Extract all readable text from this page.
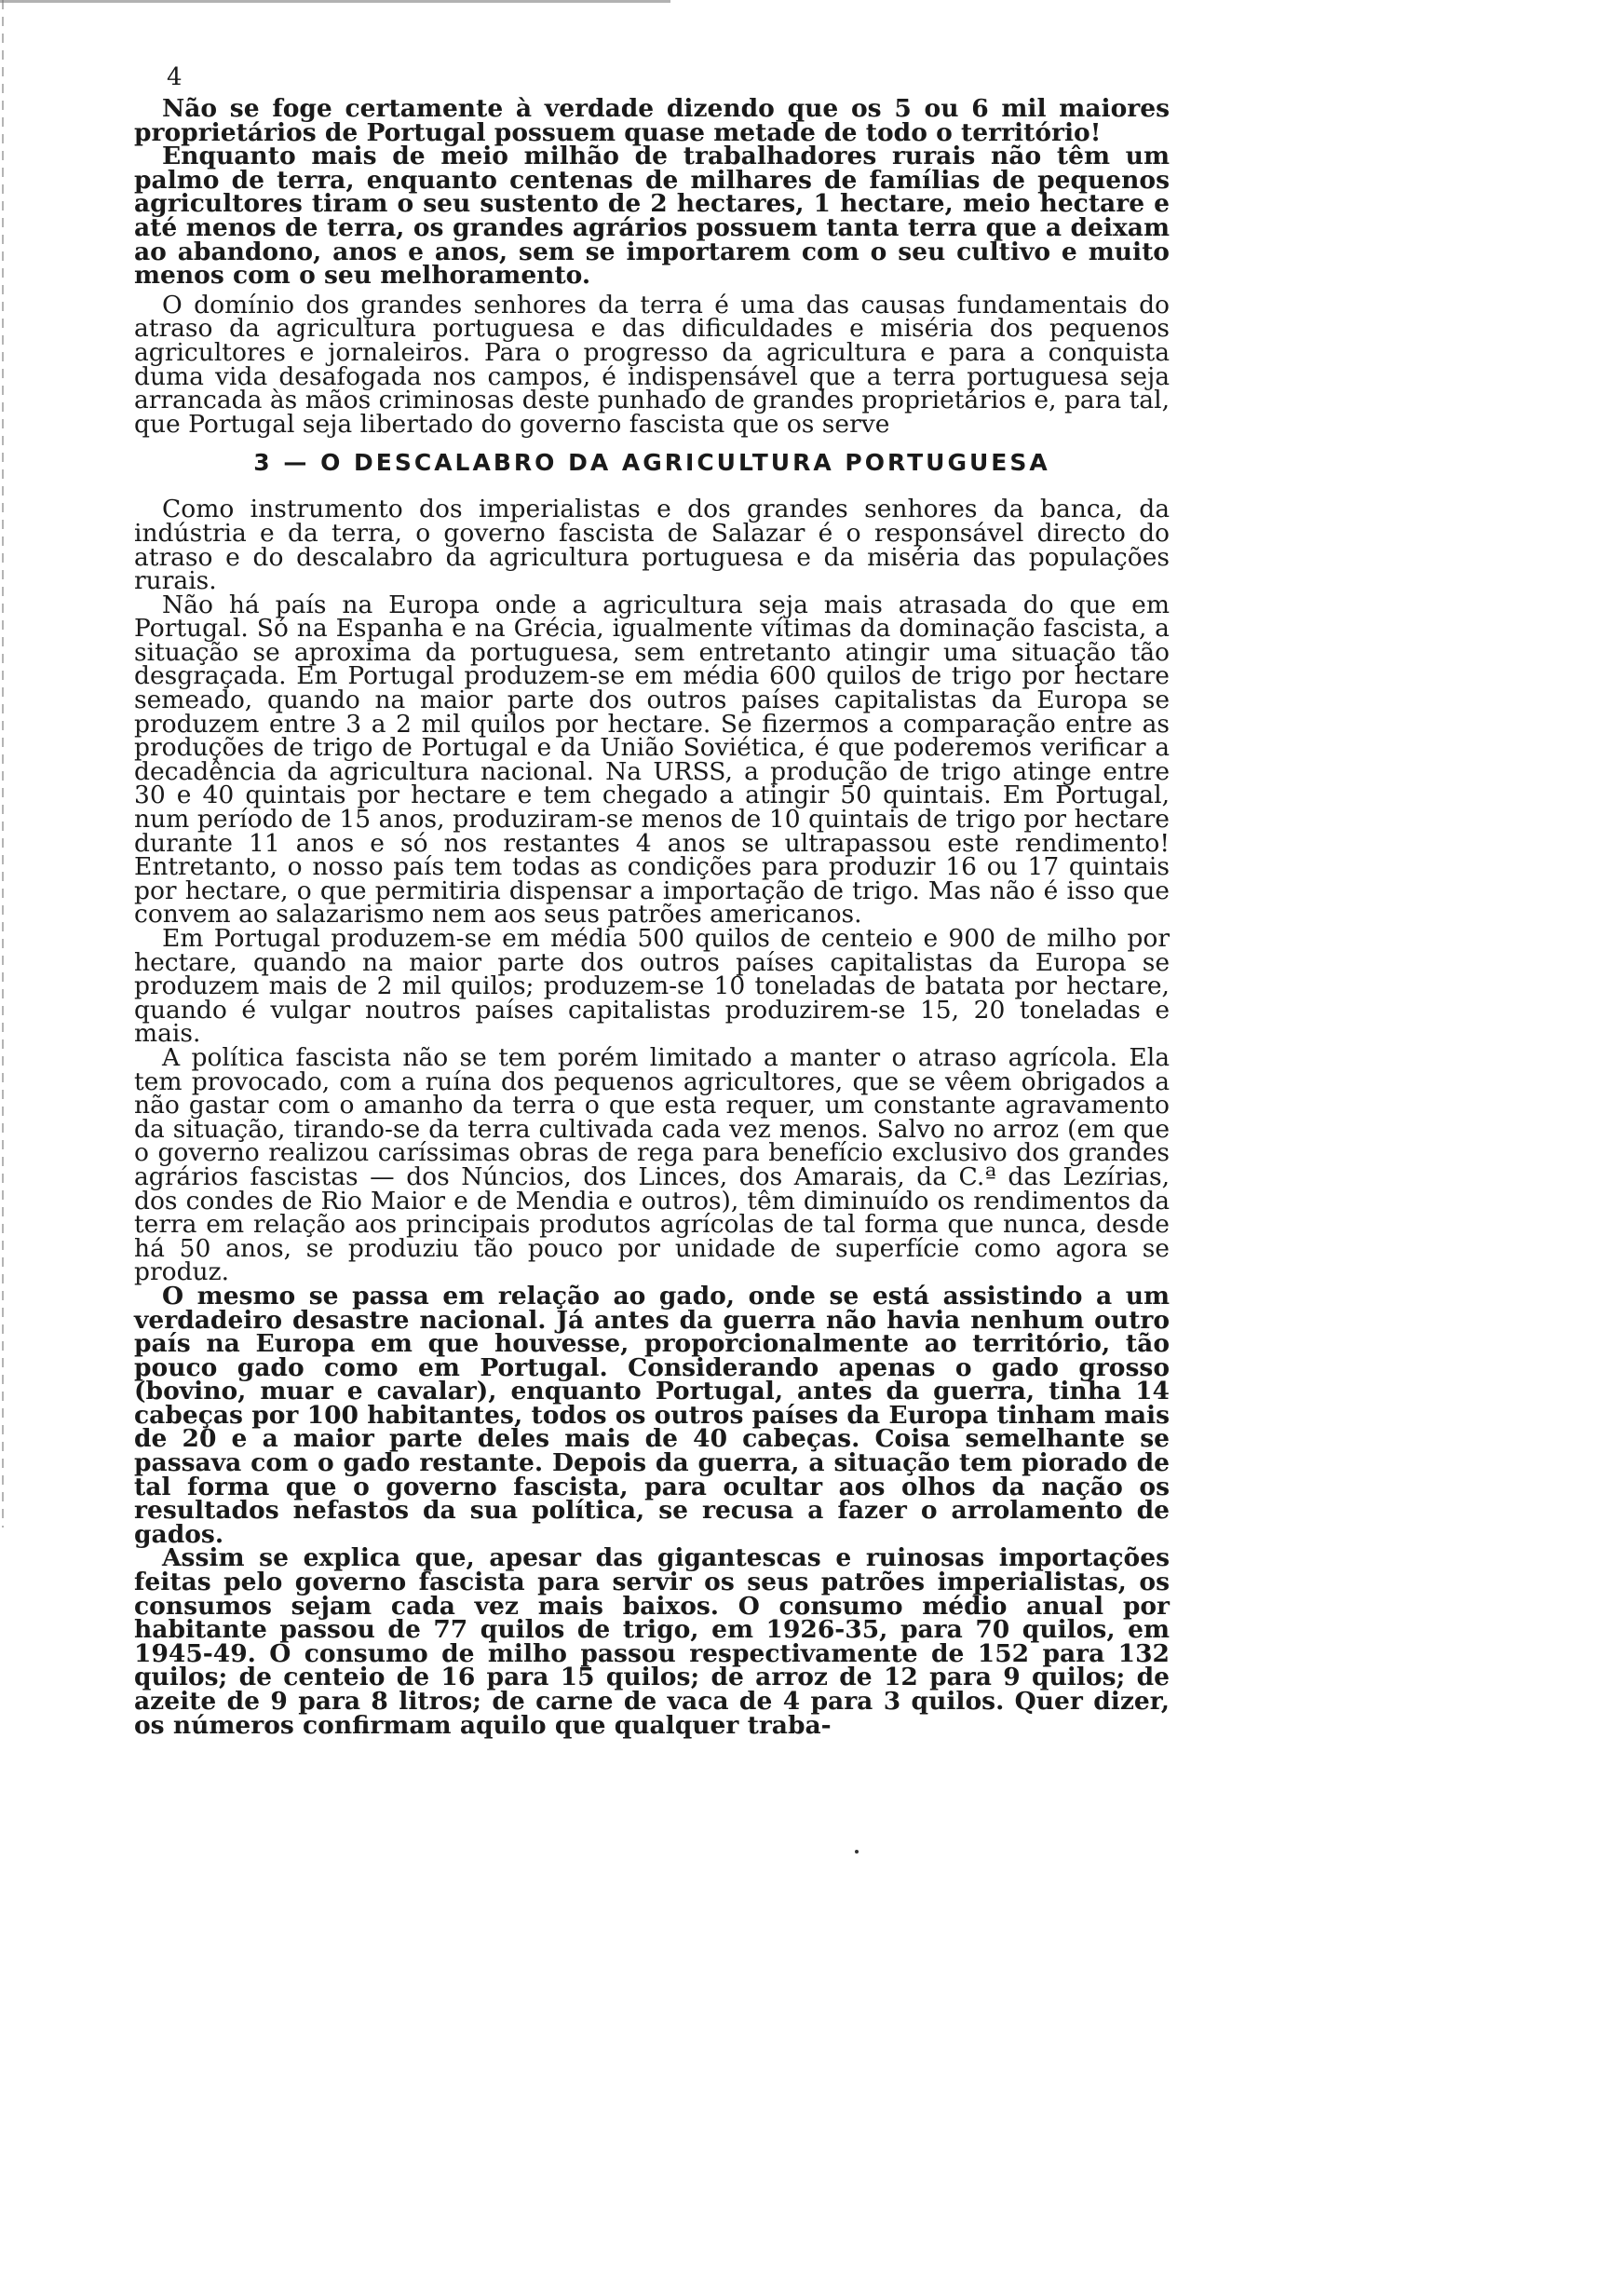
4

Não se foge certamente à verdade dizendo que os 5 ou 6 mil maiores proprietários de Portugal possuem quase metade de todo o território!

Enquanto mais de meio milhão de trabalhadores rurais não têm um palmo de terra, enquanto centenas de milhares de famílias de pequenos agricultores tiram o seu sustento de 2 hectares, 1 hectare, meio hectare e até menos de terra, os grandes agrários possuem tanta terra que a deixam ao abandono, anos e anos, sem se importarem com o seu cultivo e muito menos com o seu melhoramento.

O domínio dos grandes senhores da terra é uma das causas fundamentais do atraso da agricultura portuguesa e das dificuldades e miséria dos pequenos agricultores e jornaleiros. Para o progresso da agricultura e para a conquista duma vida desafogada nos campos, é indispensável que a terra portuguesa seja arrancada às mãos criminosas deste punhado de grandes proprietários e, para tal, que Portugal seja libertado do governo fascista que os serve

3 — O DESCALABRO DA AGRICULTURA PORTUGUESA

Como instrumento dos imperialistas e dos grandes senhores da banca, da indústria e da terra, o governo fascista de Salazar é o responsável directo do atraso e do descalabro da agricultura portuguesa e da miséria das populações rurais.

Não há país na Europa onde a agricultura seja mais atrasada do que em Portugal. Só na Espanha e na Grécia, igualmente vítimas da dominação fascista, a situação se aproxima da portuguesa, sem entretanto atingir uma situação tão desgraçada. Em Portugal produzem-se em média 600 quilos de trigo por hectare semeado, quando na maior parte dos outros países capitalistas da Europa se produzem entre 3 a 2 mil quilos por hectare. Se fizermos a comparação entre as produções de trigo de Portugal e da União Soviética, é que poderemos verificar a decadência da agricultura nacional. Na URSS, a produção de trigo atinge entre 30 e 40 quintais por hectare e tem chegado a atingir 50 quintais. Em Portugal, num período de 15 anos, produziram-se menos de 10 quintais de trigo por hectare durante 11 anos e só nos restantes 4 anos se ultrapassou este rendimento! Entretanto, o nosso país tem todas as condições para produzir 16 ou 17 quintais por hectare, o que permitiria dispensar a importação de trigo. Mas não é isso que convem ao salazarismo nem aos seus patrões americanos.

Em Portugal produzem-se em média 500 quilos de centeio e 900 de milho por hectare, quando na maior parte dos outros países capitalistas da Europa se produzem mais de 2 mil quilos; produzem-se 10 toneladas de batata por hectare, quando é vulgar noutros países capitalistas produzirem-se 15, 20 toneladas e mais.

A política fascista não se tem porém limitado a manter o atraso agrícola. Ela tem provocado, com a ruína dos pequenos agricultores, que se vêem obrigados a não gastar com o amanho da terra o que esta requer, um constante agravamento da situação, tirando-se da terra cultivada cada vez menos. Salvo no arroz (em que o governo realizou caríssimas obras de rega para benefício exclusivo dos grandes agrários fascistas — dos Núncios, dos Linces, dos Amarais, da C.ª das Lezírias, dos condes de Rio Maior e de Mendia e outros), têm diminuído os rendimentos da terra em relação aos principais produtos agrícolas de tal forma que nunca, desde há 50 anos, se produziu tão pouco por unidade de superfície como agora se produz.

O mesmo se passa em relação ao gado, onde se está assistindo a um verdadeiro desastre nacional. Já antes da guerra não havia nenhum outro país na Europa em que houvesse, proporcionalmente ao território, tão pouco gado como em Portugal. Considerando apenas o gado grosso (bovino, muar e cavalar), enquanto Portugal, antes da guerra, tinha 14 cabeças por 100 habitantes, todos os outros países da Europa tinham mais de 20 e a maior parte deles mais de 40 cabeças. Coisa semelhante se passava com o gado restante. Depois da guerra, a situação tem piorado de tal forma que o governo fascista, para ocultar aos olhos da nação os resultados nefastos da sua política, se recusa a fazer o arrolamento de gados.

Assim se explica que, apesar das gigantescas e ruinosas importações feitas pelo governo fascista para servir os seus patrões imperialistas, os consumos sejam cada vez mais baixos. O consumo médio anual por habitante passou de 77 quilos de trigo, em 1926-35, para 70 quilos, em 1945-49. O consumo de milho passou respectivamente de 152 para 132 quilos; de centeio de 16 para 15 quilos; de arroz de 12 para 9 quilos; de azeite de 9 para 8 litros; de carne de vaca de 4 para 3 quilos. Quer dizer, os números confirmam aquilo que qualquer traba-
